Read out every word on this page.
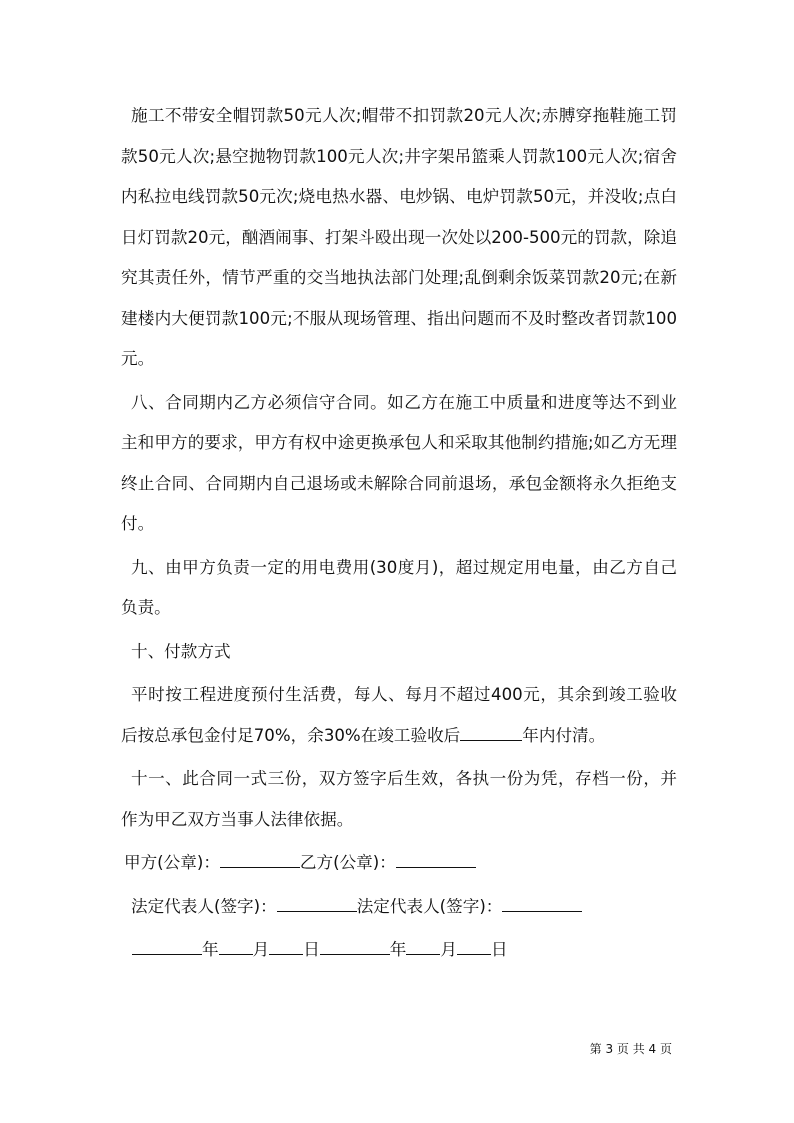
施工不带安全帽罚款50元人次;帽带不扣罚款20元人次;赤膊穿拖鞋施工罚款50元人次;悬空抛物罚款100元人次;井字架吊篮乘人罚款100元人次;宿舍内私拉电线罚款50元次;烧电热水器、电炒锅、电炉罚款50元，并没收;点白日灯罚款20元，酗酒闹事、打架斗殴出现一次处以200-500元的罚款，除追究其责任外，情节严重的交当地执法部门处理;乱倒剩余饭菜罚款20元;在新建楼内大便罚款100元;不服从现场管理、指出问题而不及时整改者罚款100元。

八、合同期内乙方必须信守合同。如乙方在施工中质量和进度等达不到业主和甲方的要求，甲方有权中途更换承包人和采取其他制约措施;如乙方无理终止合同、合同期内自己退场或未解除合同前退场，承包金额将永久拒绝支付。

九、由甲方负责一定的用电费用(30度月)，超过规定用电量，由乙方自己负责。

十、付款方式

平时按工程进度预付生活费，每人、每月不超过400元，其余到竣工验收后按总承包金付足70%，余30%在竣工验收后	年内付清。

十一、此合同一式三份，双方签字后生效，各执一份为凭，存档一份，并作为甲乙双方当事人法律依据。

甲方(公章)：	乙方(公章)：

法定代表人(签字)：	法定代表人(签字)：

年 月 日	年 月 日

第 3 页 共 4 页
